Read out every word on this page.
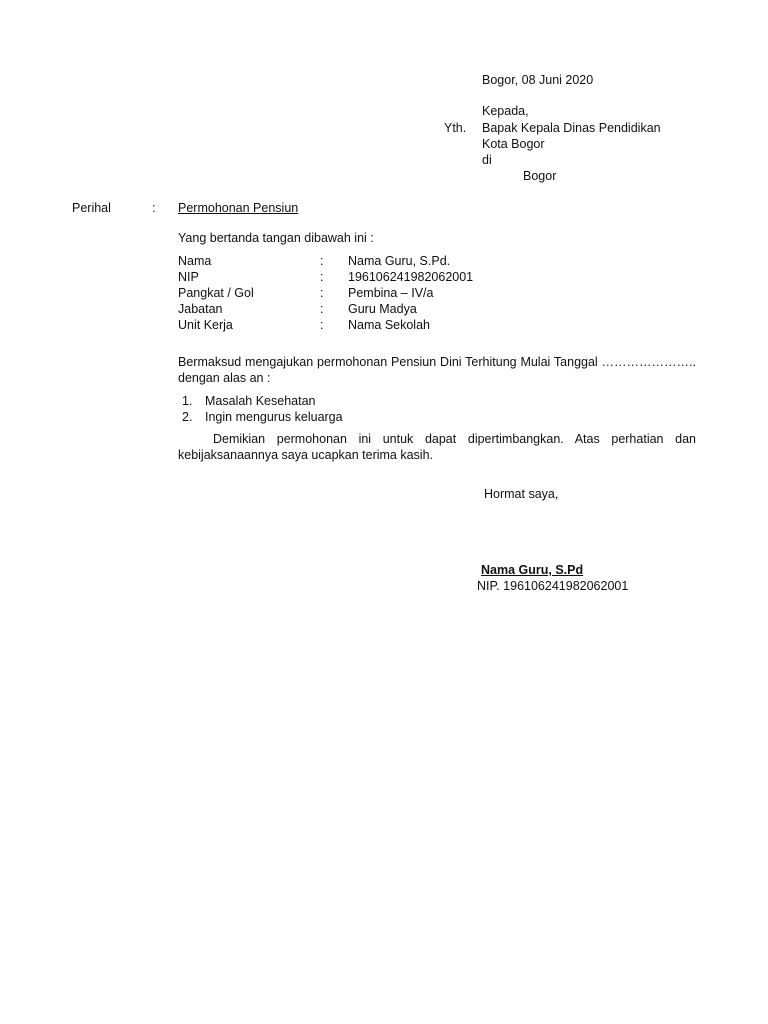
Bogor, 08 Juni 2020
Kepada,
Yth. Bapak Kepala Dinas Pendidikan
Kota Bogor
di
Bogor
Perihal	: Permohonan Pensiun
Yang bertanda tangan dibawah ini :
Nama	: Nama Guru, S.Pd.
NIP	: 196106241982062001
Pangkat / Gol	: Pembina – IV/a
Jabatan	: Guru Madya
Unit Kerja	: Nama Sekolah
Bermaksud mengajukan permohonan Pensiun Dini Terhitung Mulai Tanggal ………………….. dengan alas an :
1. Masalah Kesehatan
2. Ingin mengurus keluarga
Demikian permohonan ini untuk dapat dipertimbangkan. Atas perhatian dan kebijaksanaannya saya ucapkan terima kasih.
Hormat saya,
Nama Guru, S.Pd
NIP. 196106241982062001
